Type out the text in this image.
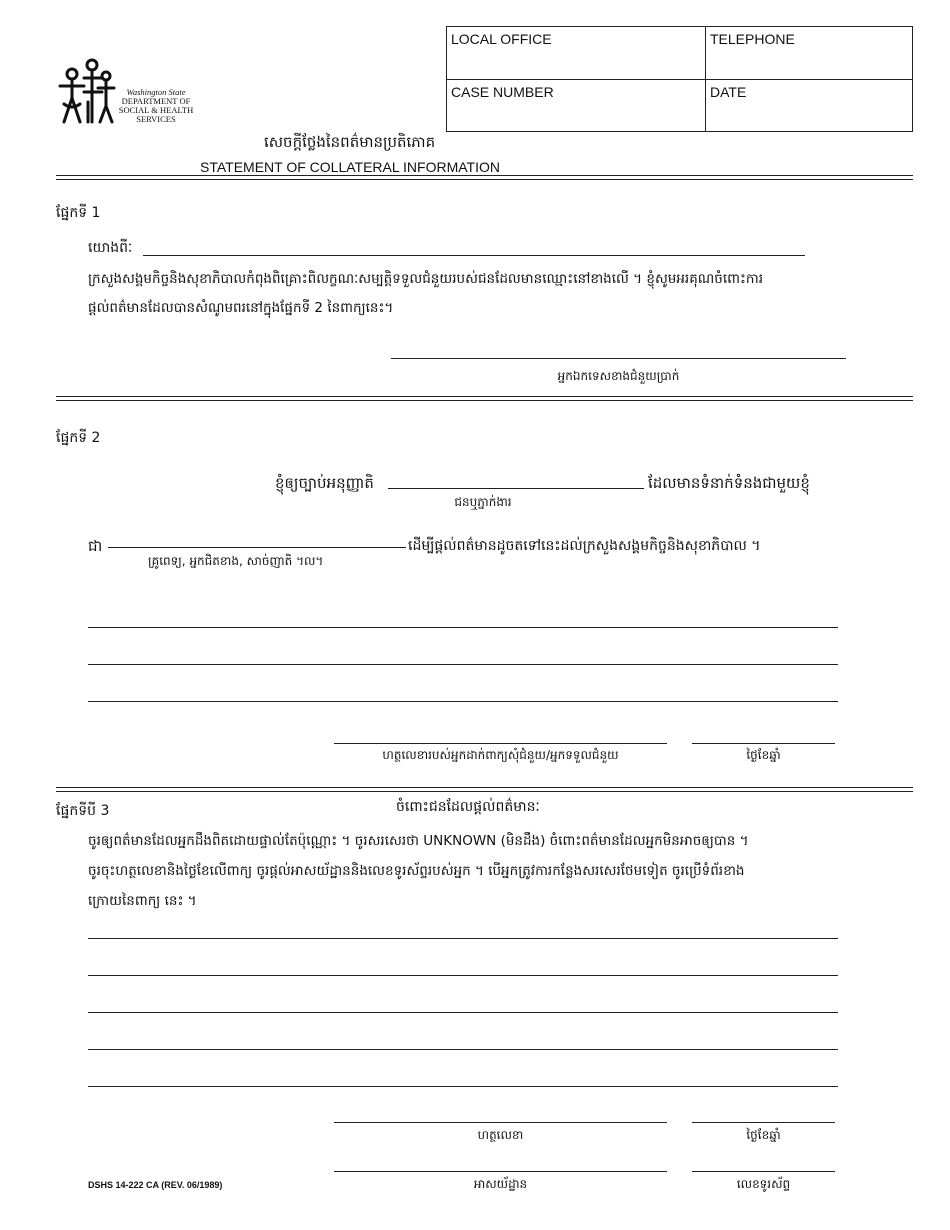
Washington State
DEPARTMENT OF
SOCIAL & HEALTH
SERVICES
LOCAL OFFICE	TELEPHONE
CASE NUMBER	DATE
សេចក្តីថ្លែងនៃពត៌មានប្រតិភោគ
STATEMENT OF COLLATERAL INFORMATION
ផ្នែកទី 1
យោងពីៈ
ក្រសួងសង្គមកិច្ចនិងសុខាភិបាលកំពុងពិគ្រោះពិលក្ខណៈសម្បត្តិទទួលជំនួយរបស់ជនដែលមានឈ្មោះនៅខាងលើ ។ ខ្ញុំសូមអរគុណចំពោះការ
ផ្តល់ពត៌មានដែលបានសំណូមពរនៅក្នុងផ្នែកទី 2 នៃពាក្យនេះ។
អ្នកឯកទេសខាងជំនួយប្រាក់
ផ្នែកទី 2
ខ្ញុំឲ្យច្បាប់អនុញ្ញាតិ
ជនឬភ្នាក់ងារ
ដែលមានទំនាក់ទំនងជាមួយខ្ញុំ
ជា
គ្រូពេទ្យ, អ្នកជិតខាង, សាច់ញាតិ ។ល។
ដើម្បីផ្តល់ពត៌មានដូចតទៅនេះដល់ក្រសួងសង្គមកិច្ចនិងសុខាភិបាល ។
ហត្ថលេខារបស់អ្នកដាក់ពាក្យសុំជំនួយ/អ្នកទទួលជំនួយ	ថ្ងៃខែឆ្នាំ
ផ្នែកទីបី 3	ចំពោះជនដែលផ្តល់ពត៌មានៈ
ចូរឲ្យពត៌មានដែលអ្នកដឹងពិតដោយផ្ទាល់តែប៉ុណ្ណោះ ។ ចូរសរសេរថា UNKNOWN (មិនដឹង) ចំពោះពត៌មានដែលអ្នកមិនអាចឲ្យបាន ។
ចូរចុះហត្ថលេខានិងថ្ងៃខែលើពាក្យ ចូរផ្តល់អាសយ័ដ្ឋាននិងលេខទូរស័ព្ទរបស់អ្នក ។ បើអ្នកត្រូវការកន្លែងសរសេរថែមទៀត ចូរប្រើទំព័រខាង
ក្រោយនៃពាក្យ នេះ ។
ហត្ថលេខា	ថ្ងៃខែឆ្នាំ
អាសយ័ដ្ឋាន	លេខទូរស័ព្ទ
DSHS 14-222 CA (REV. 06/1989)
